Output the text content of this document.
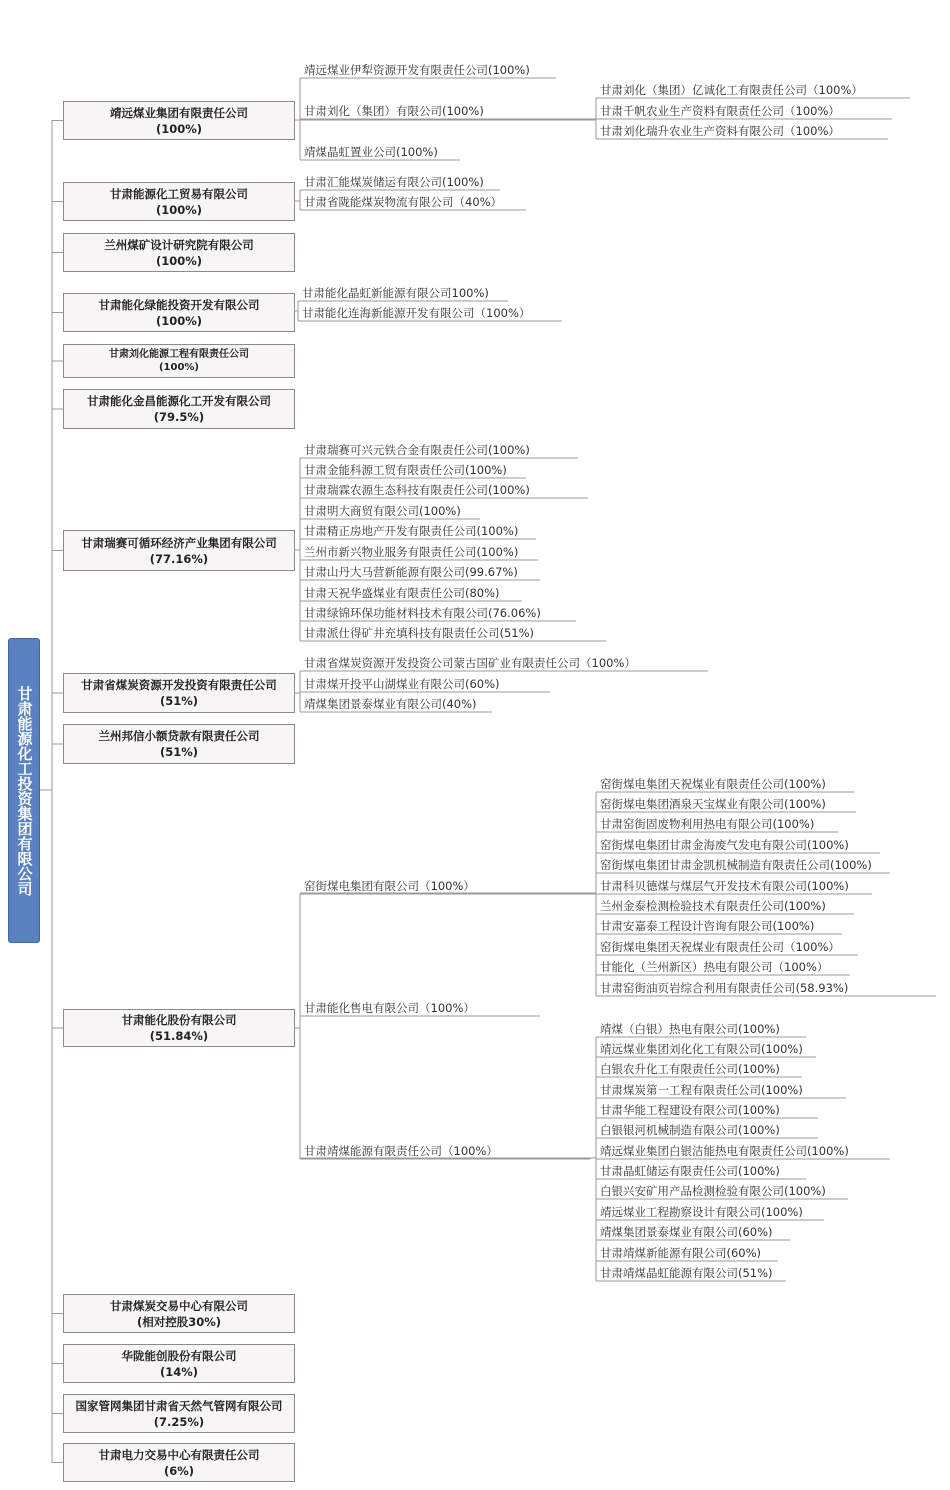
甘肃能源化工投资集团有限公司
靖远煤业集团有限责任公司
(100%)
甘肃能源化工贸易有限公司
(100%)
兰州煤矿设计研究院有限公司
(100%)
甘肃能化绿能投资开发有限公司
(100%)
甘肃刘化能源工程有限责任公司
(100%)
甘肃能化金昌能源化工开发有限公司
(79.5%)
甘肃瑞赛可循环经济产业集团有限公司
(77.16%)
甘肃省煤炭资源开发投资有限责任公司
(51%)
兰州邦信小额贷款有限责任公司
(51%)
甘肃能化股份有限公司
(51.84%)
甘肃煤炭交易中心有限公司
(相对控股30%)
华陇能创股份有限公司
(14%)
国家管网集团甘肃省天然气管网有限公司
(7.25%)
甘肃电力交易中心有限责任公司
(6%)
靖远煤业伊犁资源开发有限责任公司(100%)
甘肃刘化（集团）有限公司(100%)
靖煤晶虹置业公司(100%)
甘肃刘化（集团）亿诚化工有限责任公司（100%）
甘肃千帆农业生产资料有限责任公司（100%）
甘肃刘化瑞升农业生产资料有限公司（100%）
甘肃汇能煤炭储运有限公司(100%)
甘肃省陇能煤炭物流有限公司（40%）
甘肃能化晶虹新能源有限公司100%)
甘肃能化连海新能源开发有限公司（100%）
甘肃瑞赛可兴元铁合金有限责任公司(100%)
甘肃金能科源工贸有限责任公司(100%)
甘肃瑞霖农源生态科技有限责任公司(100%)
甘肃明大商贸有限公司(100%)
甘肃精正房地产开发有限责任公司(100%)
兰州市新兴物业服务有限责任公司(100%)
甘肃山丹大马营新能源有限公司(99.67%)
甘肃天祝华盛煤业有限责任公司(80%)
甘肃绿锦环保功能材料技术有限公司(76.06%)
甘肃派仕得矿井充填科技有限责任公司(51%)
甘肃省煤炭资源开发投资公司蒙古国矿业有限责任公司（100%）
甘肃煤开投平山湖煤业有限公司(60%)
靖煤集团景泰煤业有限公司(40%)
窑街煤电集团有限公司（100%）
甘肃能化售电有限公司（100%）
甘肃靖煤能源有限责任公司（100%）
窑街煤电集团天祝煤业有限责任公司(100%)
窑街煤电集团酒泉天宝煤业有限公司(100%)
甘肃窑街固废物利用热电有限公司(100%)
窑街煤电集团甘肃金海废气发电有限公司(100%)
窑街煤电集团甘肃金凯机械制造有限责任公司(100%)
甘肃科贝德煤与煤层气开发技术有限公司(100%)
兰州金泰检测检验技术有限责任公司(100%)
甘肃安嘉泰工程设计咨询有限公司(100%)
窑街煤电集团天祝煤业有限责任公司（100%）
甘能化（兰州新区）热电有限公司（100%）
甘肃窑街油页岩综合利用有限责任公司(58.93%)
靖煤（白银）热电有限公司(100%)
靖远煤业集团刘化化工有限公司(100%)
白银农升化工有限责任公司(100%)
甘肃煤炭第一工程有限责任公司(100%)
甘肃华能工程建设有限公司(100%)
白银银河机械制造有限公司(100%)
靖远煤业集团白银洁能热电有限责任公司(100%)
甘肃晶虹储运有限责任公司(100%)
白银兴安矿用产品检测检验有限公司(100%)
靖远煤业工程勘察设计有限公司(100%)
靖煤集团景泰煤业有限公司(60%)
甘肃靖煤新能源有限公司(60%)
甘肃靖煤晶虹能源有限公司(51%)
